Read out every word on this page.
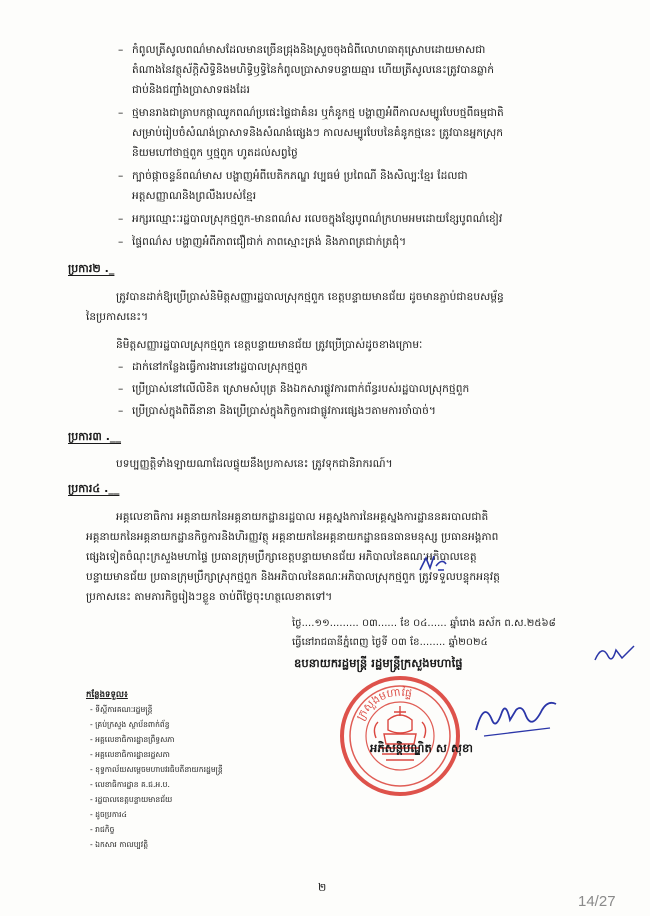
– កំពូលត្រីសូលពណ៌មាសដែលមានច្រើនជ្រុងនិងស្រួចចុងជំពីលោហធាតុស្រោបដោយមាសជា
តំណាងនៃវត្ថុស័ក្តិសិទ្ធិនិងមហិទ្ធិឫទ្ធិនៃកំពូលប្រាសាទបន្ទាយឆ្មារ ហើយត្រីសូលនេះត្រូវបានឆ្លាក់
ជាប់និងជញ្ជាំងប្រាសាទផងដែរ
– ថ្មមានរាងជាត្រាបកផ្កាឈូកពណ៌ប្រផេះផ្ទៃជាគំនរ ឬកំនូកថ្ម បង្ហាញអំពីកាលសម្បូរបែបថ្មពីធម្មជាតិ
សម្រាប់រៀបចំសំណង់ប្រាសាទនិងសំណង់ផ្សេងៗ កាលសម្បូរបែបនៃគំនូកថ្មនេះ ត្រូវបានអ្នកស្រុក
និយមហៅថាថ្មពួក ឬថ្មពួក ហូតដល់សព្វថ្ងៃ
– ក្បាច់ផ្កាចន្ទន៍ពណ៌មាស បង្ហាញអំពីបេតិកភណ្ឌ វប្បធម៌ ប្រពៃណី និងសិល្បៈខ្មែរ ដែលជា
អត្តសញ្ញាណនិងព្រលឹងរបស់ខ្មែរ
– អក្សរឈ្មោះៈរដ្ឋបាលស្រុកថ្មពួក-មានពណ៌ស រលេចក្នុងខ្សែបូពណ៌ក្រហមអមដោយខ្សែបូពណ៌ខៀវ
– ផ្ទៃពណ៌ស បង្ហាញអំពីភាពជឿជាក់ ភាពស្មោះត្រង់ និងភាពត្រជាក់ត្រជុំ។
ប្រការ២ ._
ត្រូវបានដាក់ឱ្យប្រើប្រាស់និមិត្តសញ្ញារដ្ឋបាលស្រុកថ្មពួក ខេត្តបន្ទាយមានជ័យ ដូចមានភ្ជាប់ជាឧបសម្ព័ន្ធ
នៃប្រកាសនេះ។
និមិត្តសញ្ញារដ្ឋបាលស្រុកថ្មពួក ខេត្តបន្ទាយមានជ័យ ត្រូវប្រើប្រាស់ដូចខាងក្រោមៈ
– ដាក់នៅកន្លែងធ្វើការងារនៅរដ្ឋបាលស្រុកថ្មពួក
– ប្រើប្រាស់នៅលើលិខិត ស្រោមសំបុត្រ និងឯកសារផ្លូវការពាក់ព័ន្ធរបស់រដ្ឋបាលស្រុកថ្មពួក
– ប្រើប្រាស់ក្នុងពិធីនានា និងប្រើប្រាស់ក្នុងកិច្ចការជាផ្លូវការផ្សេងៗតាមការចាំបាច់។
ប្រការ៣ .__
បទប្បញ្ញត្តិទាំងឡាយណាដែលផ្ទុយនឹងប្រកាសនេះ ត្រូវទុកជានិរាករណ៍។
ប្រការ៤ .__
អគ្គលេខាធិការ អគ្គនាយកនៃអគ្គនាយកដ្ឋានរដ្ឋបាល អគ្គស្នងការនៃអគ្គស្នងការដ្ឋាននគរបាលជាតិ
អគ្គនាយកនៃអគ្គនាយកដ្ឋានកិច្ចការនិងហិរញ្ញវត្ថុ អគ្គនាយកនៃអគ្គនាយកដ្ឋានធនធានមនុស្ស ប្រធានអង្គភាព
ផ្សេងទៀតចំណុះក្រសួងមហាផ្ទៃ ប្រធានក្រុមប្រឹក្សាខេត្តបន្ទាយមានជ័យ អភិបាលនៃគណៈអភិបាលខេត្ត
បន្ទាយមានជ័យ ប្រធានក្រុមប្រឹក្សាស្រុកថ្មពួក និងអភិបាលនៃគណៈអភិបាលស្រុកថ្មពួក ត្រូវទទួលបន្ទុកអនុវត្ត
ប្រកាសនេះ តាមភារកិច្ចរៀងៗខ្លួន ចាប់ពីថ្ងៃចុះហត្ថលេខាតទៅ។
ថ្ងៃ....១១......... ០៣...... ខែ ០៤...... ឆ្នាំរោង ឆស័ក ព.ស.២៥៦៨
ធ្វើនៅរាជធានីភ្នំពេញ ថ្ងៃទី ០៣ ខែ........ ឆ្នាំ២០២៤
ឧបនាយករដ្ឋមន្ត្រី រដ្ឋមន្ត្រីក្រសួងមហាផ្ទៃ
ក្រសួងមហាផ្ទៃ
អភិសន្តិបណ្ឌិត ស សុខា
កន្លែងទទួល៖
- ទីស្តីការគណៈរដ្ឋមន្ត្រី
- គ្រប់ក្រសួង ស្ថាប័នពាក់ព័ន្ធ
- អគ្គលេខាធិការដ្ឋានព្រឹទ្ធសភា
- អគ្គលេខាធិការដ្ឋានរដ្ឋសភា
- ខុទ្ទកាល័យសម្តេចមហាបវរធិបតីនាយករដ្ឋមន្ត្រី
- លេខាធិការដ្ឋាន គ.ជ.អ.ប.
- រដ្ឋបាលខេត្តបន្ទាយមានជ័យ
- ដូចប្រការ៤
- រាជកិច្ច
- ឯកសារ កាលប្បវត្តិ
២
14/27
